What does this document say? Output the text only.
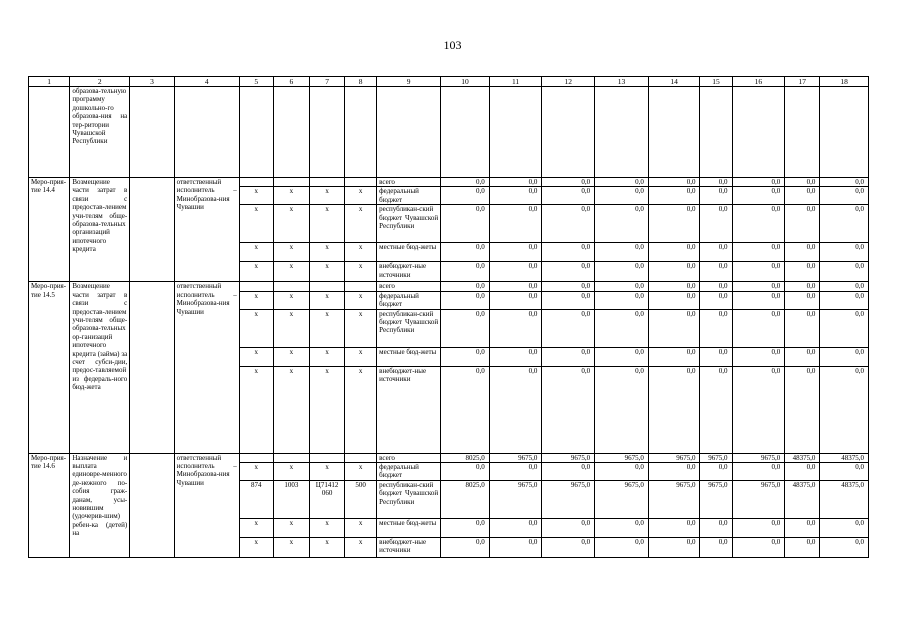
103
1	2	3	4	5	6	7	8	9	10	11	12	13	14	15	16	17	18
	образова-тельную программу дошкольно-го образова-ния на тер-ритории Чувашской Республики																
Меро-прия-тие 14.4	Возмещение части затрат в связи с предостав-лением учи-телям обще-образова-тельных организаций ипотечного кредита		ответственный исполнитель – Минобразова-ния Чувашии					всего	0,0	0,0	0,0	0,0	0,0	0,0	0,0	0,0	0,0
				x	x	x	x	федеральный бюджет	0,0	0,0	0,0	0,0	0,0	0,0	0,0	0,0	0,0
				x	x	x	x	республикан-ский бюджет Чувашской Республики	0,0	0,0	0,0	0,0	0,0	0,0	0,0	0,0	0,0
				x	x	x	x	местные бюд-жеты	0,0	0,0	0,0	0,0	0,0	0,0	0,0	0,0	0,0
				x	x	x	x	внебюджет-ные источники	0,0	0,0	0,0	0,0	0,0	0,0	0,0	0,0	0,0
Меро-прия-тие 14.5	Возмещение части затрат в связи с предостав-лением учи-телям обще-образова-тельных ор-ганизаций ипотечного кредита (займа) за счет субси-дии, предос-тавляемой из федераль-ного бюд-жета		ответственный исполнитель – Минобразова-ния Чувашии					всего	0,0	0,0	0,0	0,0	0,0	0,0	0,0	0,0	0,0
				x	x	x	x	федеральный бюджет	0,0	0,0	0,0	0,0	0,0	0,0	0,0	0,0	0,0
				x	x	x	x	республикан-ский бюджет Чувашской Республики	0,0	0,0	0,0	0,0	0,0	0,0	0,0	0,0	0,0
				x	x	x	x	местные бюд-жеты	0,0	0,0	0,0	0,0	0,0	0,0	0,0	0,0	0,0
				x	x	x	x	внебюджет-ные источники	0,0	0,0	0,0	0,0	0,0	0,0	0,0	0,0	0,0
Меро-прия-тие 14.6	Назначение и выплата единовре-менного де-нежного по-собия граж-данам, усы-новившим (удочерив-шим) ребен-ка (детей) на		ответственный исполнитель – Минобразова-ния Чувашии					всего	8025,0	9675,0	9675,0	9675,0	9675,0	9675,0	9675,0	48375,0	48375,0
				x	x	x	x	федеральный бюджет	0,0	0,0	0,0	0,0	0,0	0,0	0,0	0,0	0,0
				874	1003	Ц71412 060	500	республикан-ский бюджет Чувашской Республики	8025,0	9675,0	9675,0	9675,0	9675,0	9675,0	9675,0	48375,0	48375,0
				x	x	x	x	местные бюд-жеты	0,0	0,0	0,0	0,0	0,0	0,0	0,0	0,0	0,0
				x	x	x	x	внебюджет-ные источники	0,0	0,0	0,0	0,0	0,0	0,0	0,0	0,0	0,0
